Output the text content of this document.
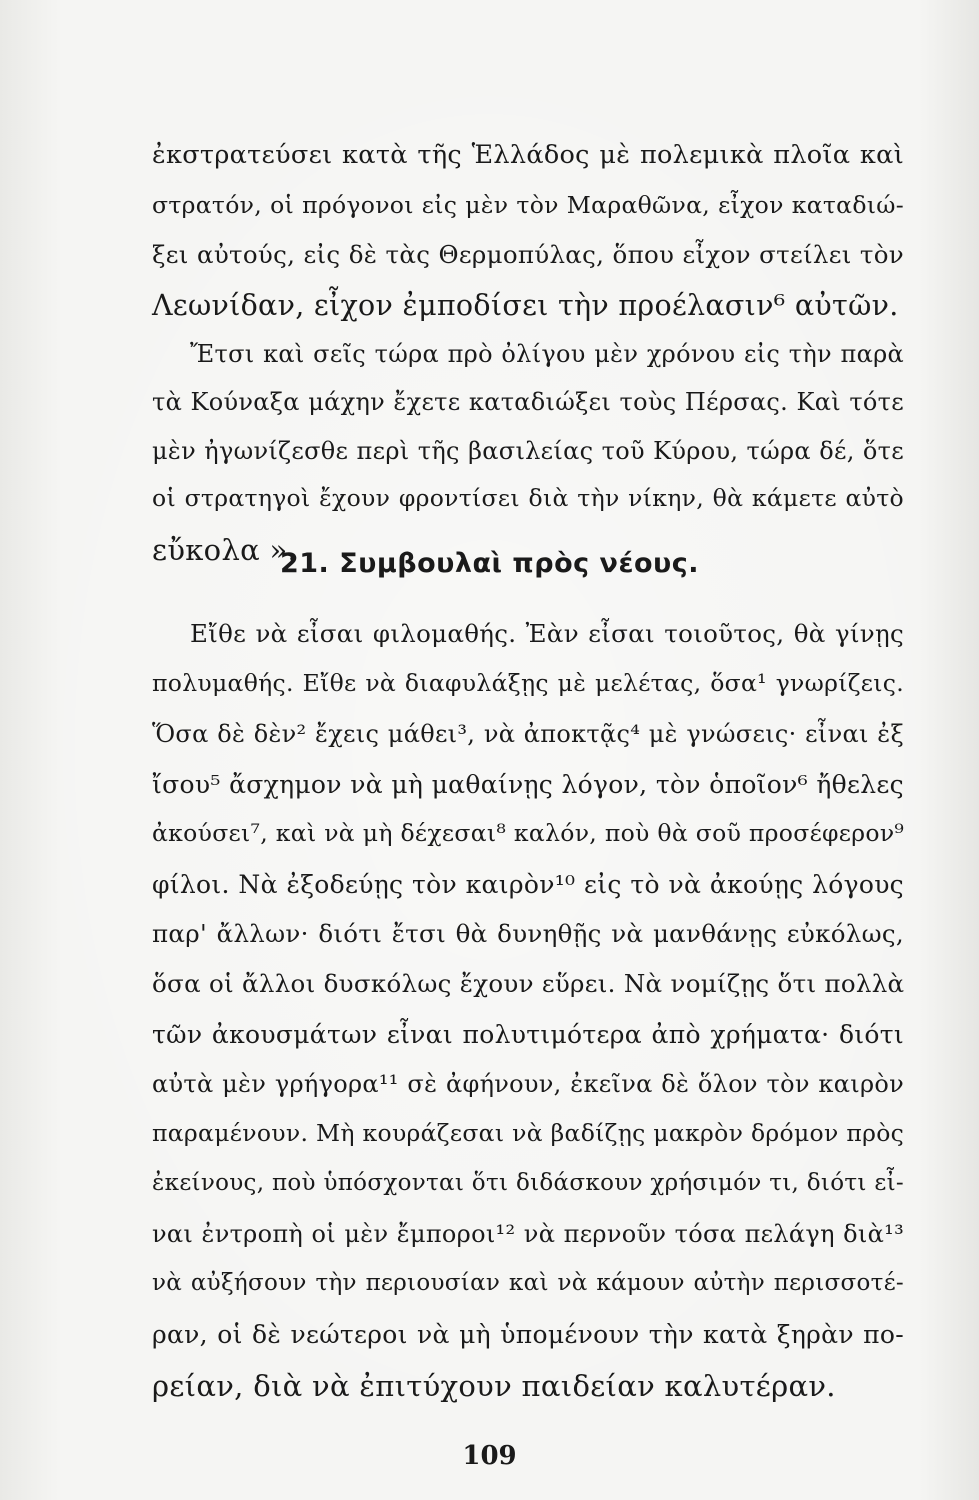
ἐκστρατεύσει κατὰ τῆς Ἑλλάδος μὲ πολεμικὰ πλοῖα καὶ
στρατόν, οἱ πρόγονοι εἰς μὲν τὸν Μαραθῶνα, εἶχον καταδιώ-
ξει αὐτούς, εἰς δὲ τὰς Θερμοπύλας, ὅπου εἶχον στείλει τὸν
Λεωνίδαν, εἶχον ἐμποδίσει τὴν προέλασιν⁶ αὐτῶν.
Ἔτσι καὶ σεῖς τώρα πρὸ ὀλίγου μὲν χρόνου εἰς τὴν παρὰ
τὰ Κούναξα μάχην ἔχετε καταδιώξει τοὺς Πέρσας. Καὶ τότε
μὲν ἠγωνίζεσθε περὶ τῆς βασιλείας τοῦ Κύρου, τώρα δέ, ὅτε
οἱ στρατηγοὶ ἔχουν φροντίσει διὰ τὴν νίκην, θὰ κάμετε αὐτὸ
εὔκολα ».
21. Συμβουλαὶ πρὸς νέους.
Εἴθε νὰ εἶσαι φιλομαθής. Ἐὰν εἶσαι τοιοῦτος, θὰ γίνῃς
πολυμαθής. Εἴθε νὰ διαφυλάξῃς μὲ μελέτας, ὅσα¹ γνωρίζεις.
Ὅσα δὲ δὲν² ἔχεις μάθει³, νὰ ἀποκτᾷς⁴ μὲ γνώσεις· εἶναι ἐξ
ἴσου⁵ ἄσχημον νὰ μὴ μαθαίνῃς λόγον, τὸν ὁποῖον⁶ ἤθελες
ἀκούσει⁷, καὶ νὰ μὴ δέχεσαι⁸ καλόν, ποὺ θὰ σοῦ προσέφερον⁹
φίλοι. Νὰ ἐξοδεύῃς τὸν καιρὸν¹⁰ εἰς τὸ νὰ ἀκούῃς λόγους
παρ' ἄλλων· διότι ἔτσι θὰ δυνηθῇς νὰ μανθάνῃς εὐκόλως,
ὅσα οἱ ἄλλοι δυσκόλως ἔχουν εὕρει. Νὰ νομίζῃς ὅτι πολλὰ
τῶν ἀκουσμάτων εἶναι πολυτιμότερα ἀπὸ χρήματα· διότι
αὐτὰ μὲν γρήγορα¹¹ σὲ ἀφήνουν, ἐκεῖνα δὲ ὅλον τὸν καιρὸν
παραμένουν. Μὴ κουράζεσαι νὰ βαδίζῃς μακρὸν δρόμον πρὸς
ἐκείνους, ποὺ ὑπόσχονται ὅτι διδάσκουν χρήσιμόν τι, διότι εἶ-
ναι ἐντροπὴ οἱ μὲν ἔμποροι¹² νὰ περνοῦν τόσα πελάγη διὰ¹³
νὰ αὐξήσουν τὴν περιουσίαν καὶ νὰ κάμουν αὐτὴν περισσοτέ-
ραν, οἱ δὲ νεώτεροι νὰ μὴ ὑπομένουν τὴν κατὰ ξηρὰν πο-
ρείαν, διὰ νὰ ἐπιτύχουν παιδείαν καλυτέραν.
109
